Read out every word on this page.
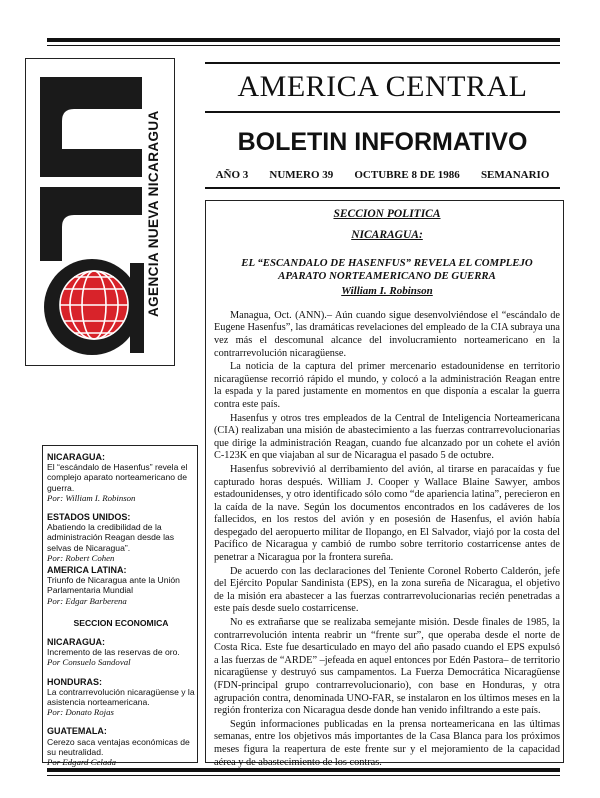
AMERICA CENTRAL
BOLETIN INFORMATIVO
AÑO 3 NUMERO 39 OCTUBRE 8 DE 1986 SEMANARIO
AGENCIA NUEVA NICARAGUA
NICARAGUA:
El “escándalo de Hasenfus” revela el complejo aparato norteamericano de guerra.
Por: William I. Robinson
ESTADOS UNIDOS:
Abatiendo la credibilidad de la administración Reagan desde las selvas de Nicaragua”.
Por: Robert Cohen
AMERICA LATINA:
Triunfo de Nicaragua ante la Unión Parlamentaria Mundial
Por: Edgar Barberena
SECCION ECONOMICA
NICARAGUA:
Incremento de las reservas de oro.
Por Consuelo Sandoval
HONDURAS:
La contrarrevolución nicaragüense y la asistencia norteamericana.
Por: Donato Rojas
GUATEMALA:
Cerezo saca ventajas económicas de su neutralidad.
Por Edgard Celada
SECCION POLITICA
NICARAGUA:
EL “ESCANDALO DE HASENFUS” REVELA EL COMPLEJO
APARATO NORTEAMERICANO DE GUERRA
William I. Robinson

Managua, Oct. (ANN).– Aún cuando sigue desenvolviéndose el “escándalo de Eugene Hasenfus”, las dramáticas revelaciones del empleado de la CIA subraya una vez más el descomunal alcance del involucramiento norteamericano en la contrarrevolución nicaragüense.

La noticia de la captura del primer mercenario estadounidense en territorio nicaragüense recorrió rápido el mundo, y colocó a la administración Reagan entre la espada y la pared justamente en momentos en que disponía a escalar la guerra contra este país.

Hasenfus y otros tres empleados de la Central de Inteligencia Norteamericana (CIA) realizaban una misión de abastecimiento a las fuerzas contrarrevolucionarias que dirige la administración Reagan, cuando fue alcanzado por un cohete el avión C-123K en que viajaban al sur de Nicaragua el pasado 5 de octubre.

Hasenfus sobrevivió al derribamiento del avión, al tirarse en paracaídas y fue capturado horas después. William J. Cooper y Wallace Blaine Sawyer, ambos estadounidenses, y otro identificado sólo como “de apariencia latina”, perecieron en la caída de la nave. Según los documentos encontrados en los cadáveres de los fallecidos, en los restos del avión y en posesión de Hasenfus, el avión había despegado del aeropuerto militar de Ilopango, en El Salvador, viajó por la costa del Pacífico de Nicaragua y cambió de rumbo sobre territorio costarricense antes de penetrar a Nicaragua por la frontera sureña.

De acuerdo con las declaraciones del Teniente Coronel Roberto Calderón, jefe del Ejército Popular Sandinista (EPS), en la zona sureña de Nicaragua, el objetivo de la misión era abastecer a las fuerzas contrarrevolucionarias recién penetradas a este país desde suelo costarricense.

No es extrañarse que se realizaba semejante misión. Desde finales de 1985, la contrarrevolución intenta reabrir un “frente sur”, que operaba desde el norte de Costa Rica. Este fue desarticulado en mayo del año pasado cuando el EPS expulsó a las fuerzas de “ARDE” –jefeada en aquel entonces por Edén Pastora– de territorio nicaragüense y destruyó sus campamentos. La Fuerza Democrática Nicaragüense (FDN-principal grupo contrarrevolucionario), con base en Honduras, y otra agrupación contra, denominada UNO-FAR, se instalaron en los últimos meses en la región fronteriza con Nicaragua desde donde han venido infiltrando a este país.

Según informaciones publicadas en la prensa norteamericana en las últimas semanas, entre los objetivos más importantes de la Casa Blanca para los próximos meses figura la reapertura de este frente sur y el mejoramiento de la capacidad aérea y de abastecimiento de los contras.
